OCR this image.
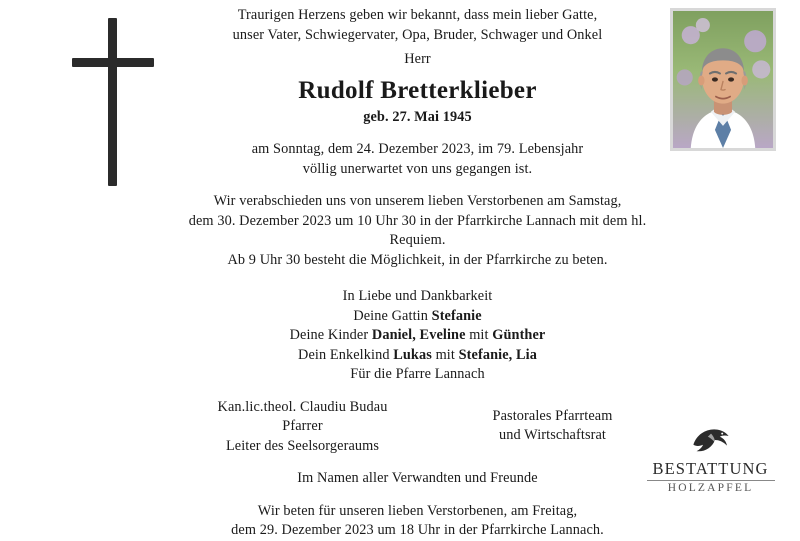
Traurigen Herzens geben wir bekannt, dass mein lieber Gatte,
unser Vater, Schwiegervater, Opa, Bruder, Schwager und Onkel
Herr
Rudolf Bretterklieber
geb. 27. Mai 1945
am Sonntag, dem 24. Dezember 2023, im 79. Lebensjahr
völlig unerwartet von uns gegangen ist.
Wir verabschieden uns von unserem lieben Verstorbenen am Samstag,
dem 30. Dezember 2023 um 10 Uhr 30 in der Pfarrkirche Lannach mit dem hl. Requiem.
Ab 9 Uhr 30 besteht die Möglichkeit, in der Pfarrkirche zu beten.
In Liebe und Dankbarkeit
Deine Gattin Stefanie
Deine Kinder Daniel, Eveline mit Günther
Dein Enkelkind Lukas mit Stefanie, Lia
Für die Pfarre Lannach
Kan.lic.theol. Claudiu Budau
Pfarrer
Leiter des Seelsorgeraums
Pastorales Pfarrteam
und Wirtschaftsrat
Im Namen aller Verwandten und Freunde
Wir beten für unseren lieben Verstorbenen, am Freitag,
dem 29. Dezember 2023 um 18 Uhr in der Pfarrkirche Lannach.
BESTATTUNG
HOLZAPFEL
